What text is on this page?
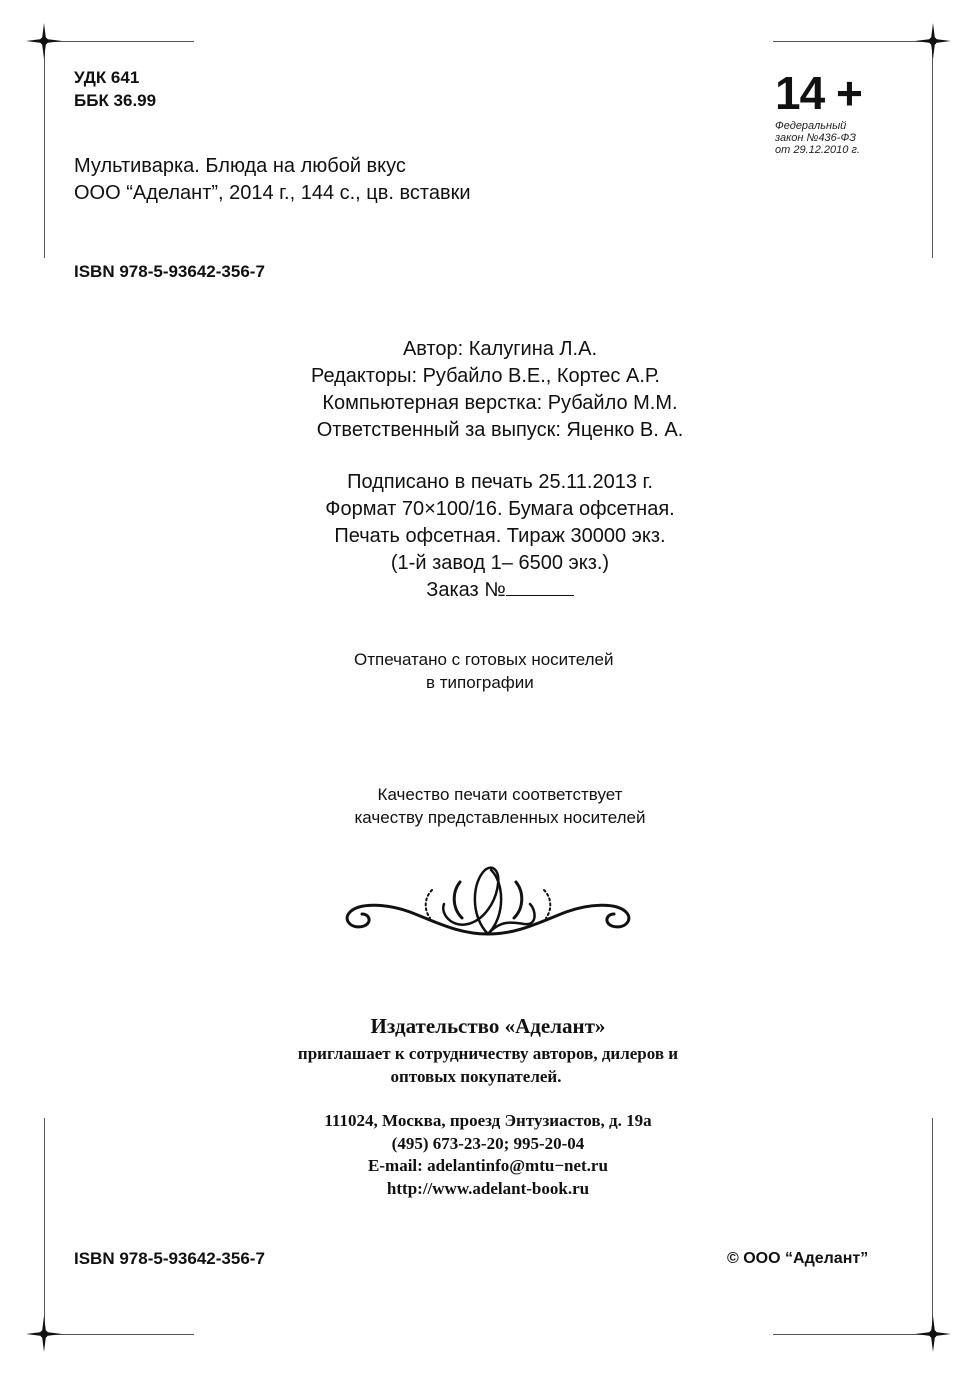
УДК 641
ББК 36.99	14 +
Федеральный
закон №436-ФЗ
от 29.12.2010 г.
Мультиварка. Блюда на любой вкус
ООО “Аделант”, 2014 г., 144 с., цв. вставки
ISBN 978-5-93642-356-7
Автор: Калугина Л.А.
Редакторы: Рубайло В.Е., Кортес А.Р.
Компьютерная верстка: Рубайло М.М.
Ответственный за выпуск: Яценко В. А.
Подписано в печать 25.11.2013 г.
Формат 70×100/16. Бумага офсетная.
Печать офсетная. Тираж 30000 экз.
(1-й завод 1– 6500 экз.)
Заказ №
Отпечатано с готовых носителей
в типографии
Качество печати соответствует
качеству представленных носителей
Издательство «Аделант»
приглашает к сотрудничеству авторов, дилеров и
оптовых покупателей.
111024, Москва, проезд Энтузиастов, д. 19а
(495) 673-23-20; 995-20-04
E-mail: adelantinfo@mtu−net.ru
http://www.adelant-book.ru
ISBN 978-5-93642-356-7	© ООО “Аделант”
